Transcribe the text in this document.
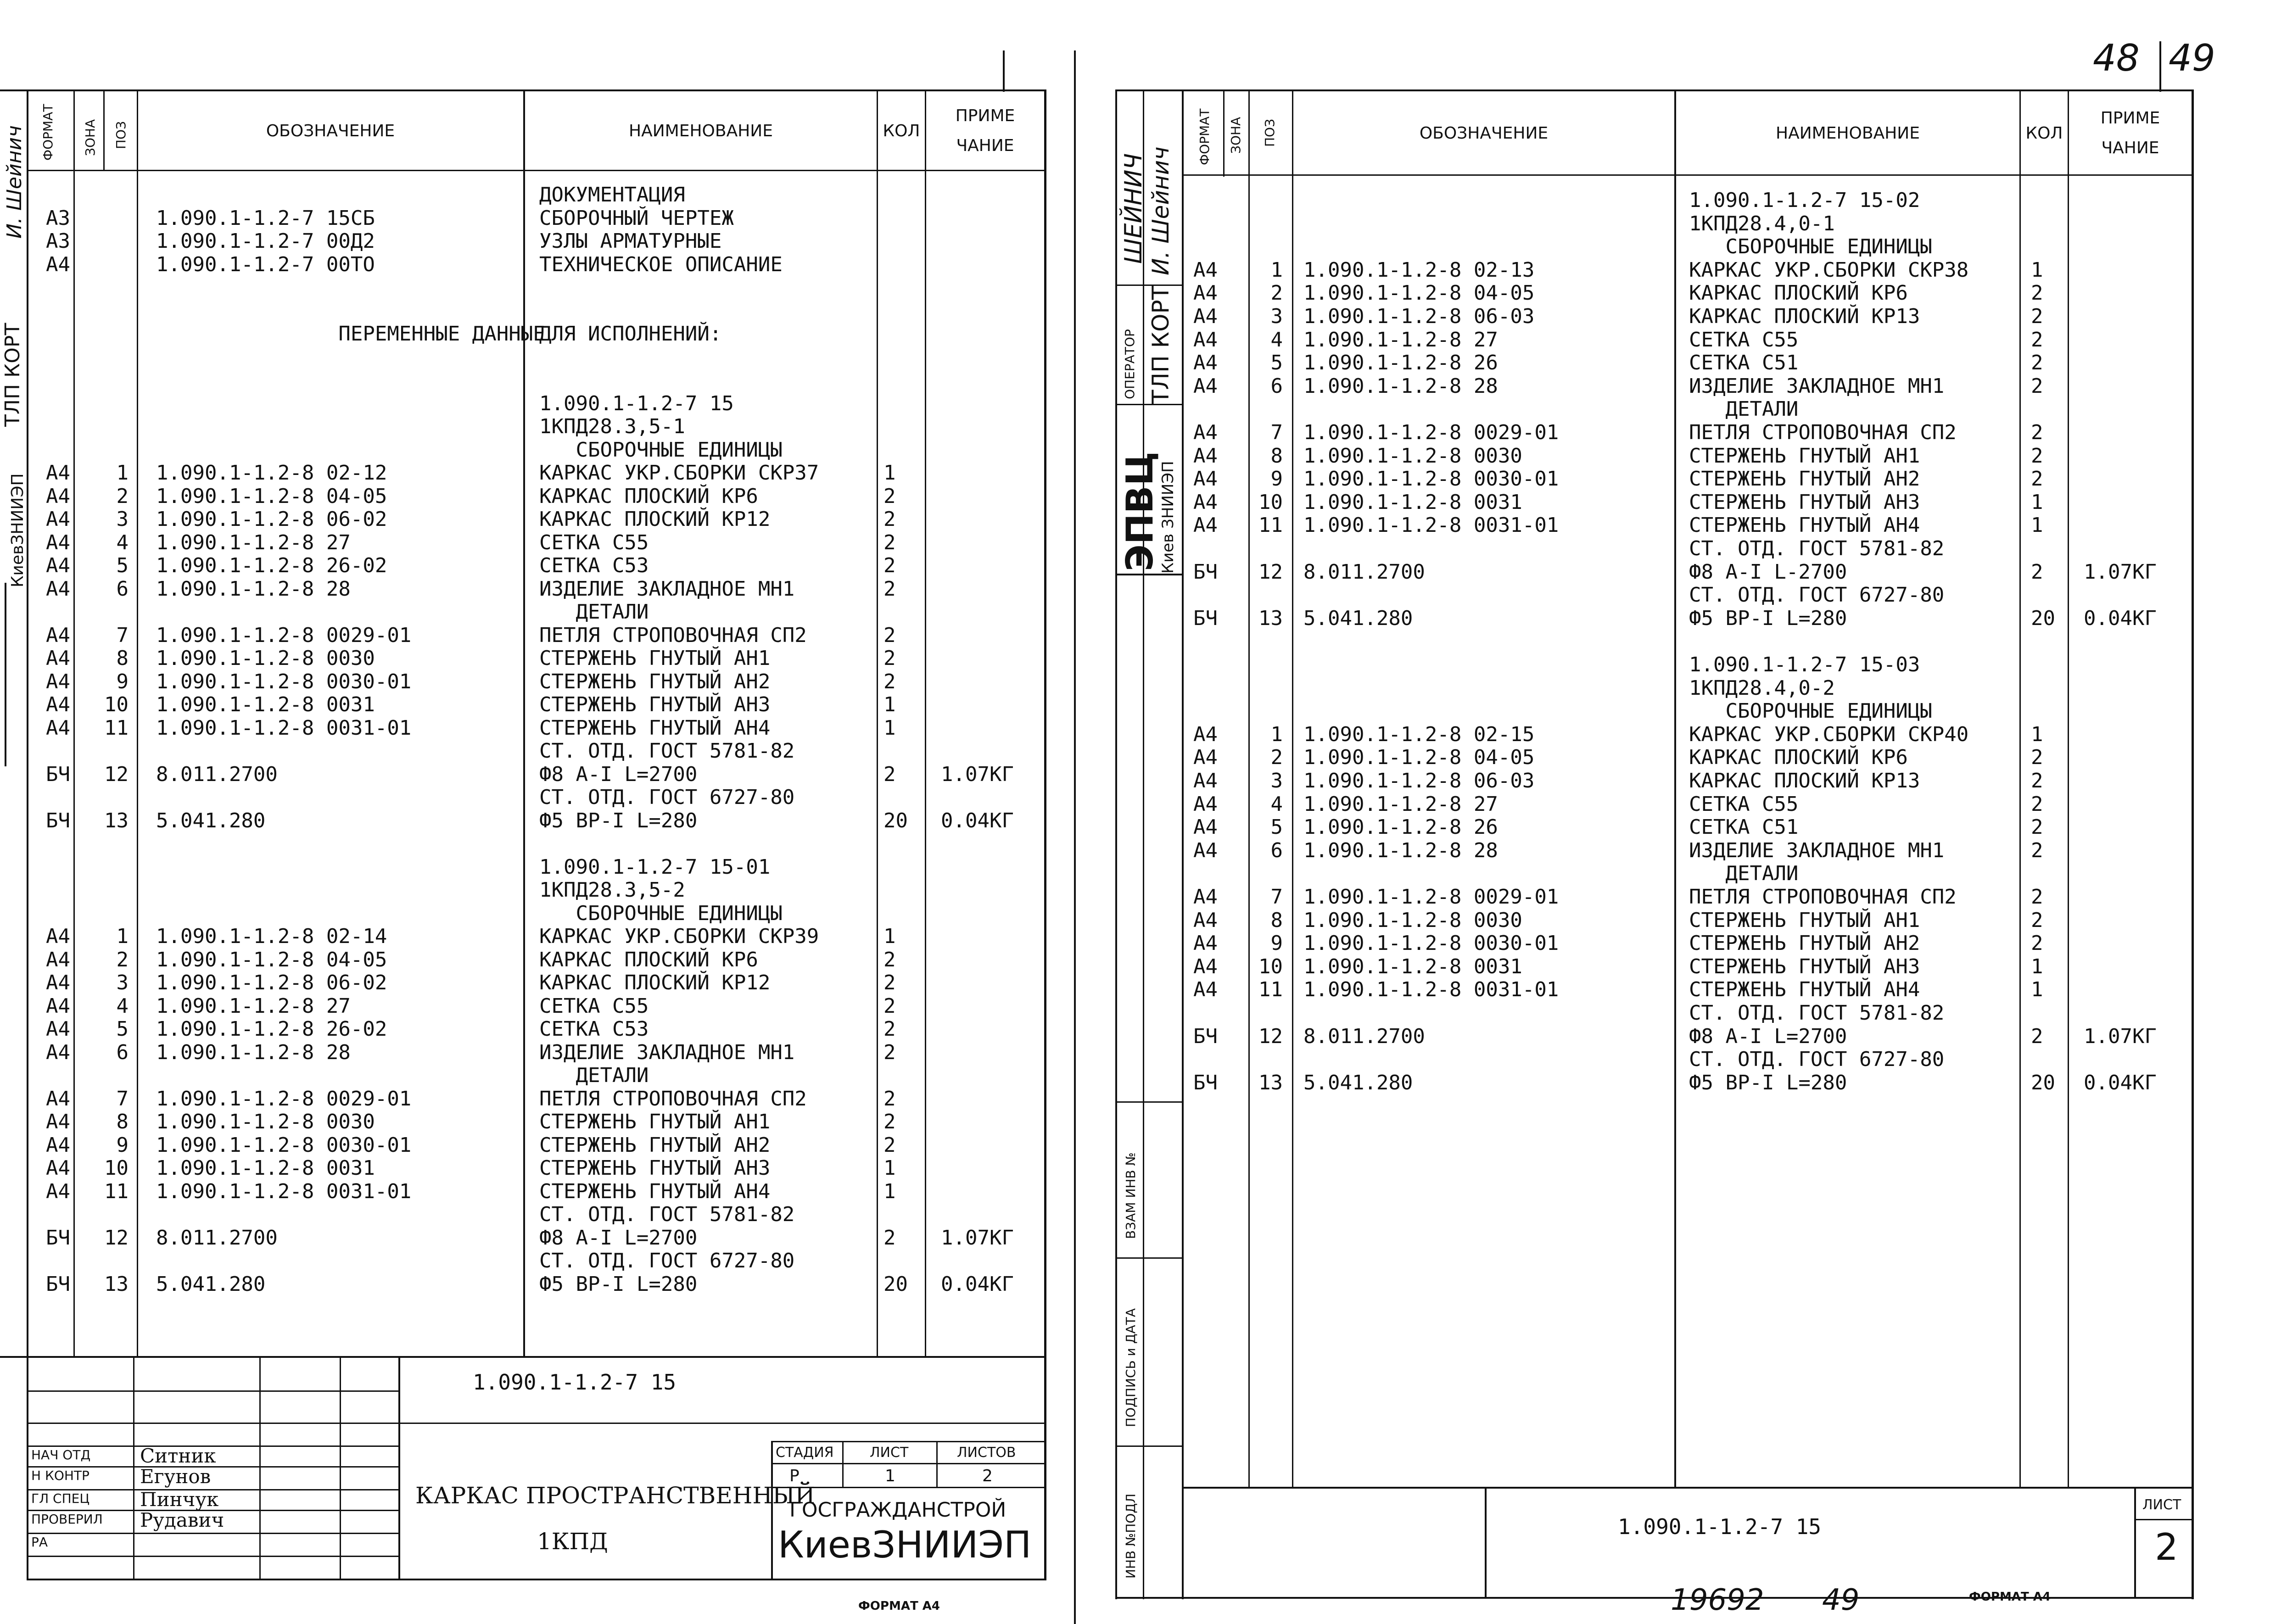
ФОРМАТ ЗОНА ПОЗ	ОБОЗНАЧЕНИЕ	НАИМЕНОВАНИЕ	КОЛ
ПРИМЕ
ЧАНИЕ
ДОКУМЕНТАЦИЯ
А3	1.090.1-1.2-7 15СБ	СБОРОЧНЫЙ ЧЕРТЕЖ
А3	1.090.1-1.2-7 00Д2	УЗЛЫ АРМАТУРНЫЕ
А4	1.090.1-1.2-7 00ТО	ТЕХНИЧЕСКОЕ ОПИСАНИЕ
ПЕРЕМЕННЫЕ ДАННЫЕ
ДЛЯ ИСПОЛНЕНИЙ:
1.090.1-1.2-7 15
1КПД28.3,5-1
СБОРОЧНЫЕ ЕДИНИЦЫ
А4	1 1.090.1-1.2-8 02-12	КАРКАС УКР.СБОРКИ СКР37	1
А4	2 1.090.1-1.2-8 04-05	КАРКАС ПЛОСКИЙ КР6	2
А4	3 1.090.1-1.2-8 06-02	КАРКАС ПЛОСКИЙ КР12	2
А4	4 1.090.1-1.2-8 27	СЕТКА С55	2
А4	5 1.090.1-1.2-8 26-02	СЕТКА С53	2
А4	6 1.090.1-1.2-8 28	ИЗДЕЛИЕ ЗАКЛАДНОЕ МН1	2
ДЕТАЛИ
А4	7 1.090.1-1.2-8 0029-01	ПЕТЛЯ СТРОПОВОЧНАЯ СП2	2
А4	8 1.090.1-1.2-8 0030	СТЕРЖЕНЬ ГНУТЫЙ АН1	2
А4	9 1.090.1-1.2-8 0030-01	СТЕРЖЕНЬ ГНУТЫЙ АН2	2
А4	10 1.090.1-1.2-8 0031	СТЕРЖЕНЬ ГНУТЫЙ АН3	1
А4	11 1.090.1-1.2-8 0031-01	СТЕРЖЕНЬ ГНУТЫЙ АН4	1
СТ. ОТД. ГОСТ 5781-82
БЧ	12 8.011.2700	Ф8 А-I L=2700	2 1.07КГ
СТ. ОТД. ГОСТ 6727-80
БЧ	13 5.041.280	Ф5 ВР-I L=280	20 0.04КГ
1.090.1-1.2-7 15-01
1КПД28.3,5-2
СБОРОЧНЫЕ ЕДИНИЦЫ
А4	1 1.090.1-1.2-8 02-14	КАРКАС УКР.СБОРКИ СКР39	1
А4	2 1.090.1-1.2-8 04-05	КАРКАС ПЛОСКИЙ КР6	2
А4	3 1.090.1-1.2-8 06-02	КАРКАС ПЛОСКИЙ КР12	2
А4	4 1.090.1-1.2-8 27	СЕТКА С55	2
А4	5 1.090.1-1.2-8 26-02	СЕТКА С53	2
А4	6 1.090.1-1.2-8 28	ИЗДЕЛИЕ ЗАКЛАДНОЕ МН1	2
ДЕТАЛИ
А4	7 1.090.1-1.2-8 0029-01	ПЕТЛЯ СТРОПОВОЧНАЯ СП2	2
А4	8 1.090.1-1.2-8 0030	СТЕРЖЕНЬ ГНУТЫЙ АН1	2
А4	9 1.090.1-1.2-8 0030-01	СТЕРЖЕНЬ ГНУТЫЙ АН2	2
А4	10 1.090.1-1.2-8 0031	СТЕРЖЕНЬ ГНУТЫЙ АН3	1
А4	11 1.090.1-1.2-8 0031-01	СТЕРЖЕНЬ ГНУТЫЙ АН4	1
СТ. ОТД. ГОСТ 5781-82
БЧ	12 8.011.2700	Ф8 А-I L=2700	2 1.07КГ
СТ. ОТД. ГОСТ 6727-80
БЧ	13 5.041.280	Ф5 ВР-I L=280	20 0.04КГ
И. Шейнич
ТЛП КОРТ
КиевЗНИИЭП
1.090.1-1.2-7 15
НАЧ ОТД	Ситник
Н КОНТР	Егунов
ГЛ СПЕЦ	Пинчук
ПРОВЕРИЛ Рудавич
РА
КАРКАС ПРОСТРАНСТВЕННЫЙ
1КПД
СТАДИЯ	ЛИСТ	ЛИСТОВ
Р	1	2
ГОСГРАЖДАНСТРОЙ
КиевЗНИИЭП
ФОРМАТ А4
48 49
ФОРМАТ ЗОНА ПОЗ	ОБОЗНАЧЕНИЕ	НАИМЕНОВАНИЕ	КОЛ
ПРИМЕ
ЧАНИЕ
ШЕЙНИЧ И. Шейнич
ОПЕРАТОР ТЛП КОРТ
ЭПВЦ
Киев ЗНИИЭП
ВЗАМ ИНВ №
ПОДПИСЬ и ДАТА
ИНВ №ПОДЛ
1.090.1-1.2-7 15-02
1КПД28.4,0-1
СБОРОЧНЫЕ ЕДИНИЦЫ
А4	1 1.090.1-1.2-8 02-13	КАРКАС УКР.СБОРКИ СКР38	1
А4	2 1.090.1-1.2-8 04-05	КАРКАС ПЛОСКИЙ КР6	2
А4	3 1.090.1-1.2-8 06-03	КАРКАС ПЛОСКИЙ КР13	2
А4	4 1.090.1-1.2-8 27	СЕТКА С55	2
А4	5 1.090.1-1.2-8 26	СЕТКА С51	2
А4	6 1.090.1-1.2-8 28	ИЗДЕЛИЕ ЗАКЛАДНОЕ МН1	2
ДЕТАЛИ
А4	7 1.090.1-1.2-8 0029-01	ПЕТЛЯ СТРОПОВОЧНАЯ СП2	2
А4	8 1.090.1-1.2-8 0030	СТЕРЖЕНЬ ГНУТЫЙ АН1	2
А4	9 1.090.1-1.2-8 0030-01	СТЕРЖЕНЬ ГНУТЫЙ АН2	2
А4	10 1.090.1-1.2-8 0031	СТЕРЖЕНЬ ГНУТЫЙ АН3	1
А4	11 1.090.1-1.2-8 0031-01	СТЕРЖЕНЬ ГНУТЫЙ АН4	1
СТ. ОТД. ГОСТ 5781-82
БЧ	12 8.011.2700	Ф8 А-I L-2700	2 1.07КГ
СТ. ОТД. ГОСТ 6727-80
БЧ	13 5.041.280	Ф5 ВР-I L=280	20 0.04КГ
1.090.1-1.2-7 15-03
1КПД28.4,0-2
СБОРОЧНЫЕ ЕДИНИЦЫ
А4	1 1.090.1-1.2-8 02-15	КАРКАС УКР.СБОРКИ СКР40	1
А4	2 1.090.1-1.2-8 04-05	КАРКАС ПЛОСКИЙ КР6	2
А4	3 1.090.1-1.2-8 06-03	КАРКАС ПЛОСКИЙ КР13	2
А4	4 1.090.1-1.2-8 27	СЕТКА С55	2
А4	5 1.090.1-1.2-8 26	СЕТКА С51	2
А4	6 1.090.1-1.2-8 28	ИЗДЕЛИЕ ЗАКЛАДНОЕ МН1	2
ДЕТАЛИ
А4	7 1.090.1-1.2-8 0029-01	ПЕТЛЯ СТРОПОВОЧНАЯ СП2	2
А4	8 1.090.1-1.2-8 0030	СТЕРЖЕНЬ ГНУТЫЙ АН1	2
А4	9 1.090.1-1.2-8 0030-01	СТЕРЖЕНЬ ГНУТЫЙ АН2	2
А4	10 1.090.1-1.2-8 0031	СТЕРЖЕНЬ ГНУТЫЙ АН3	1
А4	11 1.090.1-1.2-8 0031-01	СТЕРЖЕНЬ ГНУТЫЙ АН4	1
СТ. ОТД. ГОСТ 5781-82
БЧ	12 8.011.2700	Ф8 А-I L=2700	2 1.07КГ
СТ. ОТД. ГОСТ 6727-80
БЧ	13 5.041.280	Ф5 ВР-I L=280	20 0.04КГ
1.090.1-1.2-7 15
ЛИСТ
2
19692 49	ФОРМАТ А4
